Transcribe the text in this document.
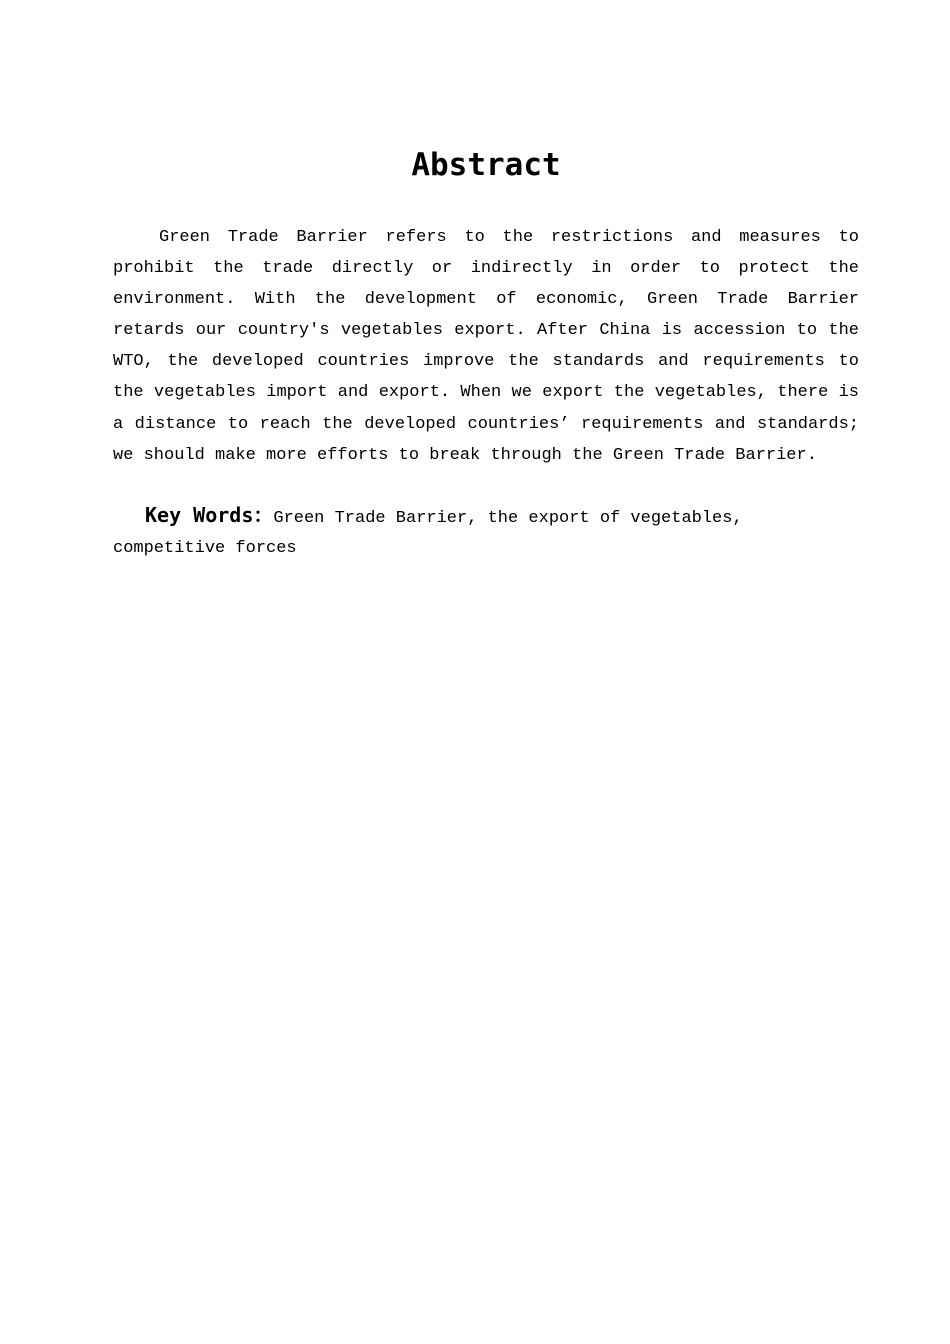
Abstract

Green Trade Barrier refers to the restrictions and measures to prohibit the trade directly or indirectly in order to protect the environment. With the development of economic, Green Trade Barrier retards our country's vegetables export. After China is accession to the WTO, the developed countries improve the standards and requirements to the vegetables import and export. When we export the vegetables, there is a distance to reach the developed countries’ requirements and standards; we should make more efforts to break through the Green Trade Barrier.

Key Words：Green Trade Barrier, the export of vegetables, competitive forces
